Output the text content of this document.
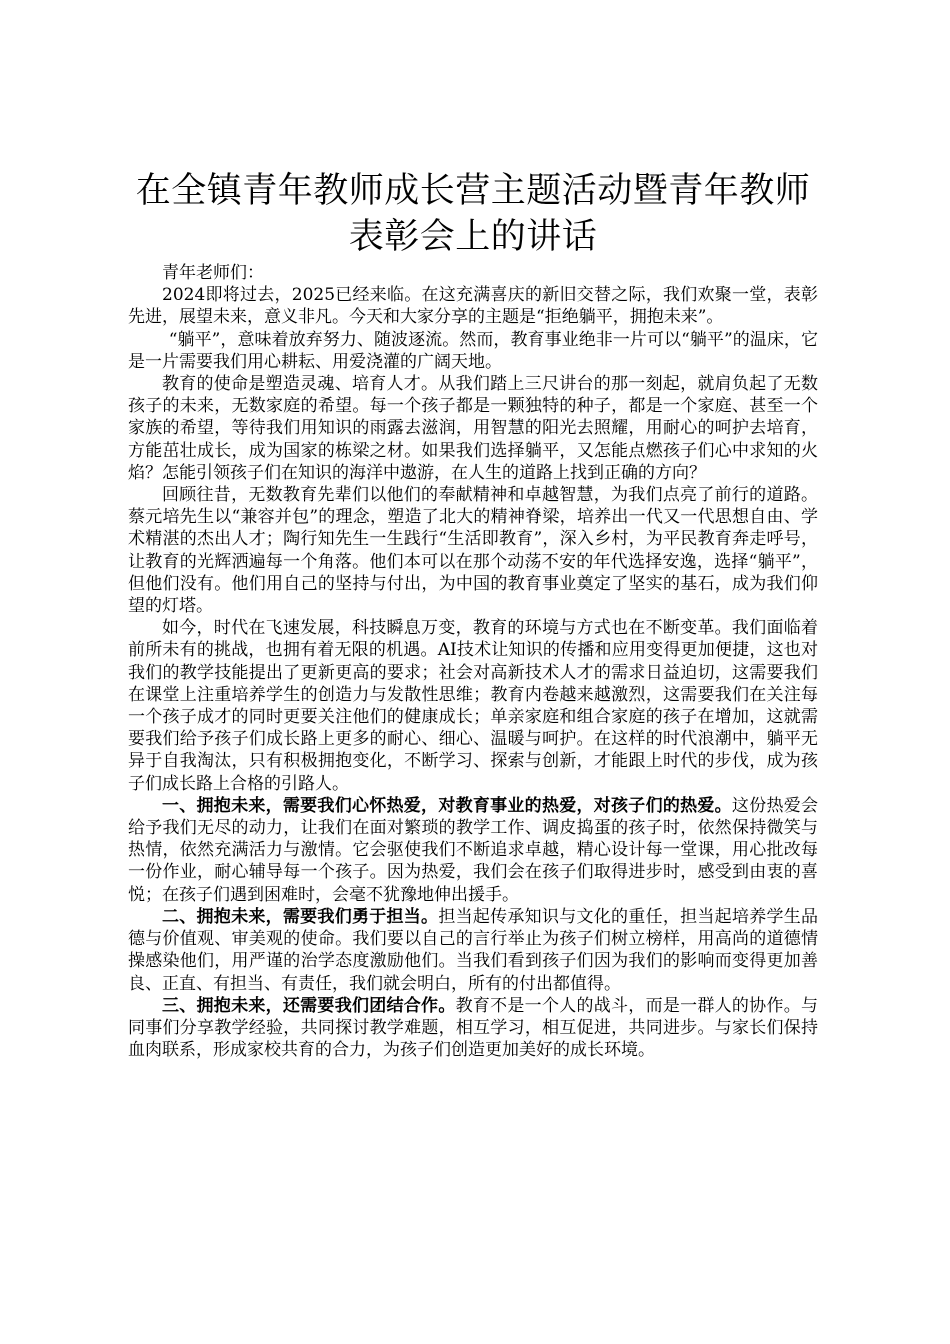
在全镇青年教师成长营主题活动暨青年教师表彰会上的讲话

青年老师们：

2024即将过去，2025已经来临。在这充满喜庆的新旧交替之际，我们欢聚一堂，表彰先进，展望未来，意义非凡。今天和大家分享的主题是“拒绝躺平，拥抱未来”。

“躺平”，意味着放弃努力、随波逐流。然而，教育事业绝非一片可以“躺平”的温床，它是一片需要我们用心耕耘、用爱浇灌的广阔天地。

教育的使命是塑造灵魂、培育人才。从我们踏上三尺讲台的那一刻起，就肩负起了无数孩子的未来，无数家庭的希望。每一个孩子都是一颗独特的种子，都是一个家庭、甚至一个家族的希望，等待我们用知识的雨露去滋润，用智慧的阳光去照耀，用耐心的呵护去培育，方能茁壮成长，成为国家的栋梁之材。如果我们选择躺平，又怎能点燃孩子们心中求知的火焰？怎能引领孩子们在知识的海洋中遨游，在人生的道路上找到正确的方向？

回顾往昔，无数教育先辈们以他们的奉献精神和卓越智慧，为我们点亮了前行的道路。蔡元培先生以“兼容并包”的理念，塑造了北大的精神脊梁，培养出一代又一代思想自由、学术精湛的杰出人才；陶行知先生一生践行“生活即教育”，深入乡村，为平民教育奔走呼号，让教育的光辉洒遍每一个角落。他们本可以在那个动荡不安的年代选择安逸，选择“躺平”，但他们没有。他们用自己的坚持与付出，为中国的教育事业奠定了坚实的基石，成为我们仰望的灯塔。

如今，时代在飞速发展，科技瞬息万变，教育的环境与方式也在不断变革。我们面临着前所未有的挑战，也拥有着无限的机遇。AI技术让知识的传播和应用变得更加便捷，这也对我们的教学技能提出了更新更高的要求；社会对高新技术人才的需求日益迫切，这需要我们在课堂上注重培养学生的创造力与发散性思维；教育内卷越来越激烈，这需要我们在关注每一个孩子成才的同时更要关注他们的健康成长；单亲家庭和组合家庭的孩子在增加，这就需要我们给予孩子们成长路上更多的耐心、细心、温暖与呵护。在这样的时代浪潮中，躺平无异于自我淘汰，只有积极拥抱变化，不断学习、探索与创新，才能跟上时代的步伐，成为孩子们成长路上合格的引路人。

一、拥抱未来，需要我们心怀热爱，对教育事业的热爱，对孩子们的热爱。这份热爱会给予我们无尽的动力，让我们在面对繁琐的教学工作、调皮捣蛋的孩子时，依然保持微笑与热情，依然充满活力与激情。它会驱使我们不断追求卓越，精心设计每一堂课，用心批改每一份作业，耐心辅导每一个孩子。因为热爱，我们会在孩子们取得进步时，感受到由衷的喜悦；在孩子们遇到困难时，会毫不犹豫地伸出援手。

二、拥抱未来，需要我们勇于担当。担当起传承知识与文化的重任，担当起培养学生品德与价值观、审美观的使命。我们要以自己的言行举止为孩子们树立榜样，用高尚的道德情操感染他们，用严谨的治学态度激励他们。当我们看到孩子们因为我们的影响而变得更加善良、正直、有担当、有责任，我们就会明白，所有的付出都值得。

三、拥抱未来，还需要我们团结合作。教育不是一个人的战斗，而是一群人的协作。与同事们分享教学经验，共同探讨教学难题，相互学习，相互促进，共同进步。与家长们保持血肉联系，形成家校共育的合力，为孩子们创造更加美好的成长环境。
